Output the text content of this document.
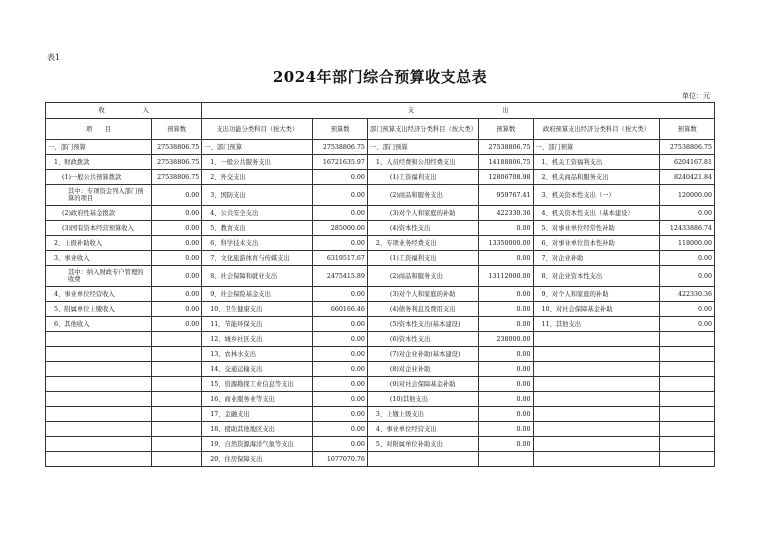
表1
2024年部门综合预算收支总表
单位：元
收　　　　　　入		支　　　　　　　　　　　　　　出					
项　　目	预算数	支出功能分类科目（按大类）	预算数	部门预算支出经济分类科目（按大类）	预算数	政府预算支出经济分类科目（按大类）	预算数
一、部门预算	27538806.75	一、部门预算	27538806.75	一、部门预算	27538806.75	一、部门预算	27538806.75
1、财政拨款	27538806.75	1、一般公共服务支出	16721635.97	1、人员经费和公用经费支出	14188806.75	1、机关工资福利支出	6204167.81
(1)一般公共预算拨款	27538806.75	2、外交支出	0.00	(1)工资福利支出	12806708.98	2、机关商品和服务支出	8240421.84
其中：专项资金列入部门预算的项目	0.00	3、国防支出	0.00	(2)商品和服务支出	959767.41	3、机关资本性支出（一）	120000.00
(2)政府性基金拨款	0.00	4、公共安全支出	0.00	(3)对个人和家庭的补助	422330.36	4、机关资本性支出（基本建设）	0.00
(3)国有资本经营预算收入	0.00	5、教育支出	285000.00	(4)资本性支出	0.00	5、对事业单位经常性补助	12433886.74
2、上级补助收入	0.00	6、科学技术支出	0.00	2、专项业务经费支出	13350000.00	6、对事业单位资本性补助	118000.00
3、事业收入	0.00	7、文化旅游体育与传媒支出	6319517.67	(1)工资福利支出	0.00	7、对企业补助	0.00
其中：纳入财政专户管理的收费	0.00	8、社会保障和就业支出	2475415.89	(2)商品和服务支出	13112000.00	8、对企业资本性支出	0.00
4、事业单位经营收入	0.00	9、社会保险基金支出	0.00	(3)对个人和家庭的补助	0.00	9、对个人和家庭的补助	422330.36
5、附属单位上缴收入	0.00	10、卫生健康支出	660166.46	(4)债务利息及费用支出	0.00	10、对社会保障基金补助	0.00
6、其他收入	0.00	11、节能环保支出	0.00	(5)资本性支出(基本建设)	0.00	11、其他支出	0.00
		12、城乡社区支出	0.00	(6)资本性支出	238000.00		
		13、农林水支出	0.00	(7)对企业补助(基本建设)	0.00		
		14、交通运输支出	0.00	(8)对企业补助	0.00		
		15、资源勘探工业信息等支出	0.00	(9)对社会保障基金补助	0.00		
		16、商业服务业等支出	0.00	(10)其他支出	0.00		
		17、金融支出	0.00	3、上缴上级支出	0.00		
		18、援助其他地区支出	0.00	4、事业单位经营支出	0.00		
		19、自然资源海洋气象等支出	0.00	5、对附属单位补助支出	0.00		
		20、住房保障支出	1077070.76				
